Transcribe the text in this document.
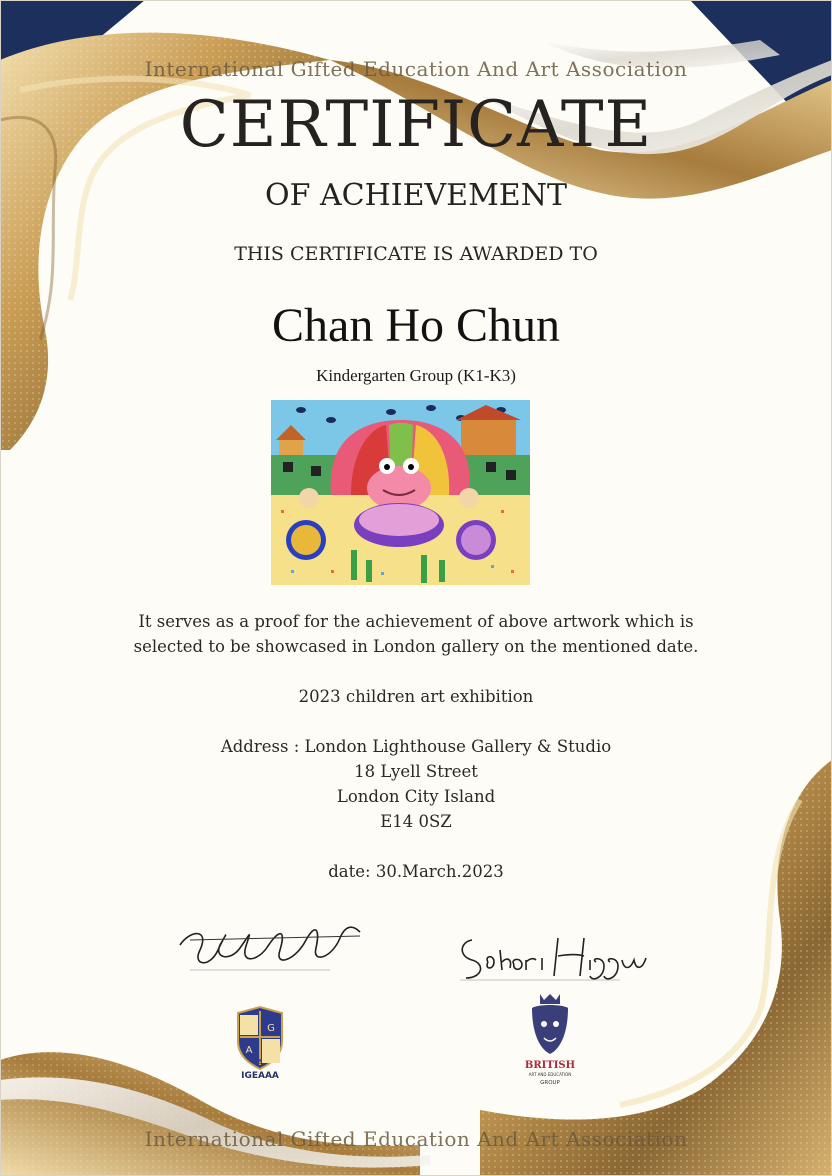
International Gifted Education And Art Association
CERTIFICATE
OF ACHIEVEMENT
THIS CERTIFICATE IS AWARDED TO
Chan Ho Chun
Kindergarten Group (K1-K3)
It serves as a proof for the achievement of above artwork which is
selected to be showcased in London gallery on the mentioned date.
2023 children art exhibition
Address : London Lighthouse Gallery & Studio
18 Lyell Street
London City Island
E14 0SZ
date: 30.March.2023
A
G
A
IGEAAA
BRITISH
ART AND EDUCATION
GROUP
International Gifted Education And Art Association
